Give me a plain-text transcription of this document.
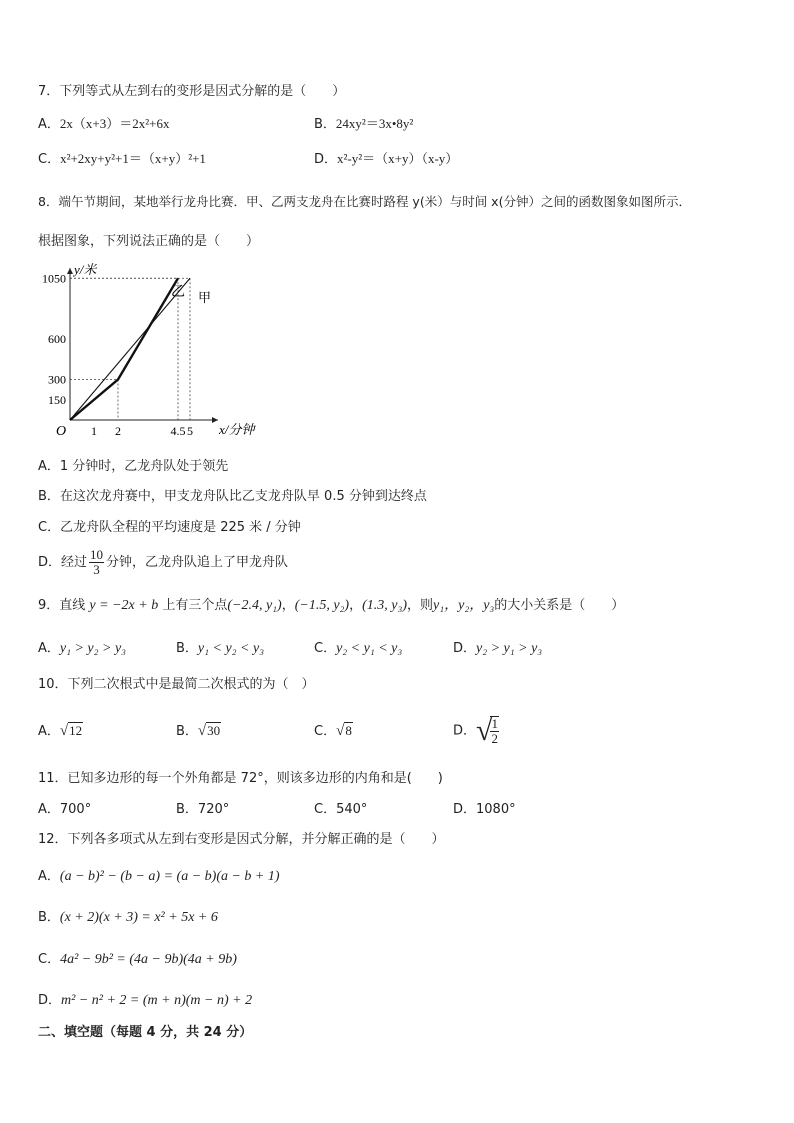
7．下列等式从左到右的变形是因式分解的是（　　）
A．2x（x+3）＝2x²+6x	B．24xy²＝3x•8y²
C．x²+2xy+y²+1＝（x+y）²+1	D．x²-y²＝（x+y）（x-y）
8．端午节期间，某地举行龙舟比赛．甲、乙两支龙舟在比赛时路程 y(米）与时间 x(分钟）之间的函数图象如图所示．
根据图象，下列说法正确的是（　　）
1 2	4.5 5
150
300
600
1050
O
y/米
x/分钟
乙 甲
A．1 分钟时，乙龙舟队处于领先
B．在这次龙舟赛中，甲支龙舟队比乙支龙舟队早 0.5 分钟到达终点
C．乙龙舟队全程的平均速度是 225 米 / 分钟
D．经过 $\frac{10}{3}$ 分钟，乙龙舟队追上了甲龙舟队
9．直线 y = −2x + b 上有三个点(−2.4, y₁)，(−1.5, y₂)，(1.3, y₃)，则y₁，y₂，y₃的大小关系是（　　）
A．y₁ > y₂ > y₃	B．y₁ < y₂ < y₃	C．y₂ < y₁ < y₃	D．y₂ > y₁ > y₃
10．下列二次根式中是最简二次根式的为（　）
A．√12	B．√30	C．√8	D．√
$\frac{1}{2}$
11．已知多边形的每一个外角都是 72°，则该多边形的内角和是(　　)
A．700°	B．720°	C．540°	D．1080°
12．下列各多项式从左到右变形是因式分解，并分解正确的是（　　）
A．(a − b)² − (b − a) = (a − b)(a − b + 1)
B．(x + 2)(x + 3) = x² + 5x + 6
C．4a² − 9b² = (4a − 9b)(4a + 9b)
D．m² − n² + 2 = (m + n)(m − n) + 2
二、填空题（每题 4 分，共 24 分）
